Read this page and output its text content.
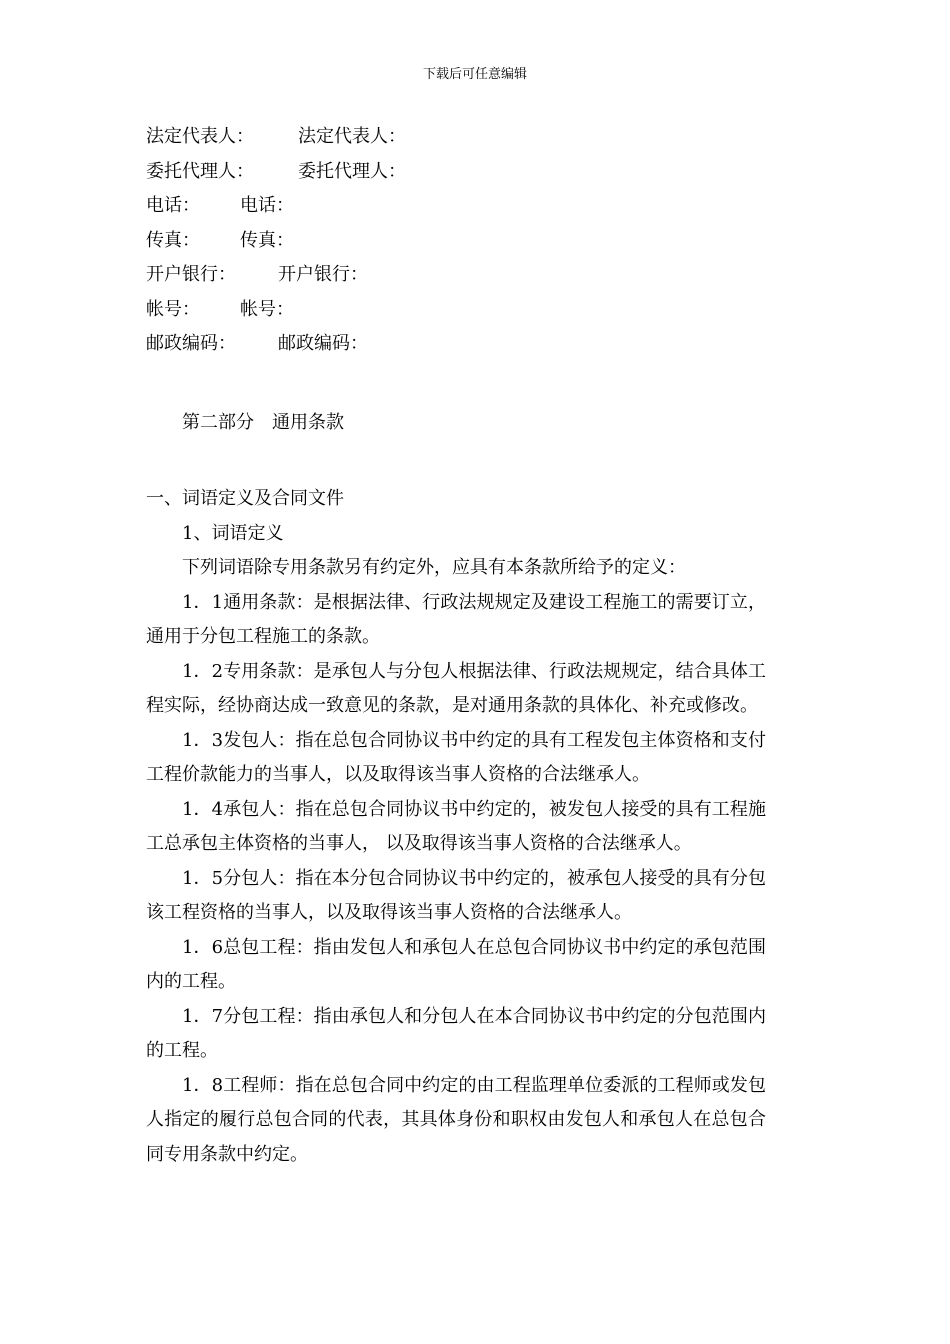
下载后可任意编辑
法定代表人：	法定代表人：
委托代理人：	委托代理人：
电话：	电话：
传真：	传真：
开户银行：	开户银行：
帐号：	帐号：
邮政编码：	邮政编码：
第二部分　通用条款
一、词语定义及合同文件
1、词语定义
下列词语除专用条款另有约定外，应具有本条款所给予的定义：
1．1通用条款：是根据法律、行政法规规定及建设工程施工的需要订立，通用于分包工程施工的条款。
1．2专用条款：是承包人与分包人根据法律、行政法规规定，结合具体工程实际，经协商达成一致意见的条款，是对通用条款的具体化、补充或修改。
1．3发包人：指在总包合同协议书中约定的具有工程发包主体资格和支付工程价款能力的当事人，以及取得该当事人资格的合法继承人。
1．4承包人：指在总包合同协议书中约定的，被发包人接受的具有工程施工总承包主体资格的当事人， 以及取得该当事人资格的合法继承人。
1．5分包人：指在本分包合同协议书中约定的，被承包人接受的具有分包该工程资格的当事人，以及取得该当事人资格的合法继承人。
1．6总包工程：指由发包人和承包人在总包合同协议书中约定的承包范围内的工程。
1．7分包工程：指由承包人和分包人在本合同协议书中约定的分包范围内的工程。
1．8工程师：指在总包合同中约定的由工程监理单位委派的工程师或发包人指定的履行总包合同的代表，其具体身份和职权由发包人和承包人在总包合同专用条款中约定。
